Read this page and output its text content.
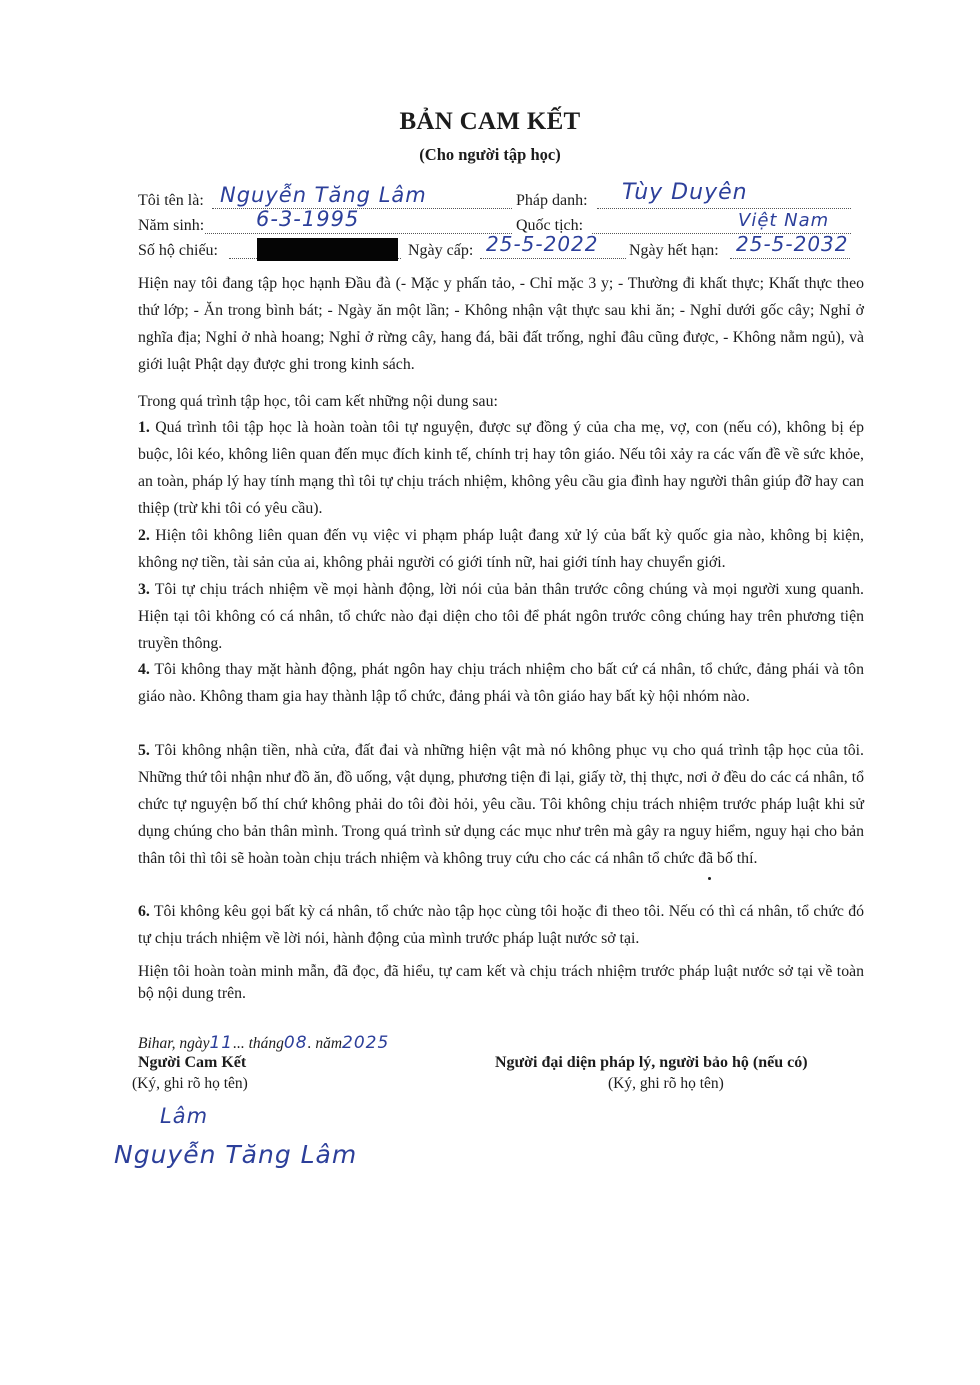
BẢN CAM KẾT
(Cho người tập học)
Tôi tên là: Nguyễn Tăng Lâm	Pháp danh: Tùy Duyên
Năm sinh: 6-3-1995	Quốc tịch:	Việt Nam
Số hộ chiếu:	Ngày cấp: 25-5-2022 Ngày hết hạn: 25-5-2032
Hiện nay tôi đang tập học hạnh Đầu đà (- Mặc y phấn tảo, - Chỉ mặc 3 y; - Thường đi khất thực; Khất thực theo thứ lớp; - Ăn trong bình bát; - Ngày ăn một lần; - Không nhận vật thực sau khi ăn; - Nghỉ dưới gốc cây; Nghỉ ở nghĩa địa; Nghỉ ở nhà hoang; Nghỉ ở rừng cây, hang đá, bãi đất trống, nghỉ đâu cũng được, - Không nằm ngủ), và giới luật Phật dạy được ghi trong kinh sách.
Trong quá trình tập học, tôi cam kết những nội dung sau:
1. Quá trình tôi tập học là hoàn toàn tôi tự nguyện, được sự đồng ý của cha mẹ, vợ, con (nếu có), không bị ép buộc, lôi kéo, không liên quan đến mục đích kinh tế, chính trị hay tôn giáo. Nếu tôi xảy ra các vấn đề về sức khỏe, an toàn, pháp lý hay tính mạng thì tôi tự chịu trách nhiệm, không yêu cầu gia đình hay người thân giúp đỡ hay can thiệp (trừ khi tôi có yêu cầu).
2. Hiện tôi không liên quan đến vụ việc vi phạm pháp luật đang xử lý của bất kỳ quốc gia nào, không bị kiện, không nợ tiền, tài sản của ai, không phải người có giới tính nữ, hai giới tính hay chuyển giới.
3. Tôi tự chịu trách nhiệm về mọi hành động, lời nói của bản thân trước công chúng và mọi người xung quanh. Hiện tại tôi không có cá nhân, tổ chức nào đại diện cho tôi để phát ngôn trước công chúng hay trên phương tiện truyền thông.
4. Tôi không thay mặt hành động, phát ngôn hay chịu trách nhiệm cho bất cứ cá nhân, tổ chức, đảng phái và tôn giáo nào. Không tham gia hay thành lập tổ chức, đảng phái và tôn giáo hay bất kỳ hội nhóm nào.
5. Tôi không nhận tiền, nhà cửa, đất đai và những hiện vật mà nó không phục vụ cho quá trình tập học của tôi. Những thứ tôi nhận như đồ ăn, đồ uống, vật dụng, phương tiện đi lại, giấy tờ, thị thực, nơi ở đều do các cá nhân, tổ chức tự nguyện bố thí chứ không phải do tôi đòi hỏi, yêu cầu. Tôi không chịu trách nhiệm trước pháp luật khi sử dụng chúng cho bản thân mình. Trong quá trình sử dụng các mục như trên mà gây ra nguy hiểm, nguy hại cho bản thân tôi thì tôi sẽ hoàn toàn chịu trách nhiệm và không truy cứu cho các cá nhân tổ chức đã bố thí.
6. Tôi không kêu gọi bất kỳ cá nhân, tổ chức nào tập học cùng tôi hoặc đi theo tôi. Nếu có thì cá nhân, tổ chức đó tự chịu trách nhiệm về lời nói, hành động của mình trước pháp luật nước sở tại.
Hiện tôi hoàn toàn minh mẫn, đã đọc, đã hiểu, tự cam kết và chịu trách nhiệm trước pháp luật nước sở tại về toàn bộ nội dung trên.
Bihar, ngày11... tháng08. năm2025
Người Cam Kết
(Ký, ghi rõ họ tên)
Người đại diện pháp lý, người bảo hộ (nếu có)
(Ký, ghi rõ họ tên)
Lâm
Nguyễn Tăng Lâm
